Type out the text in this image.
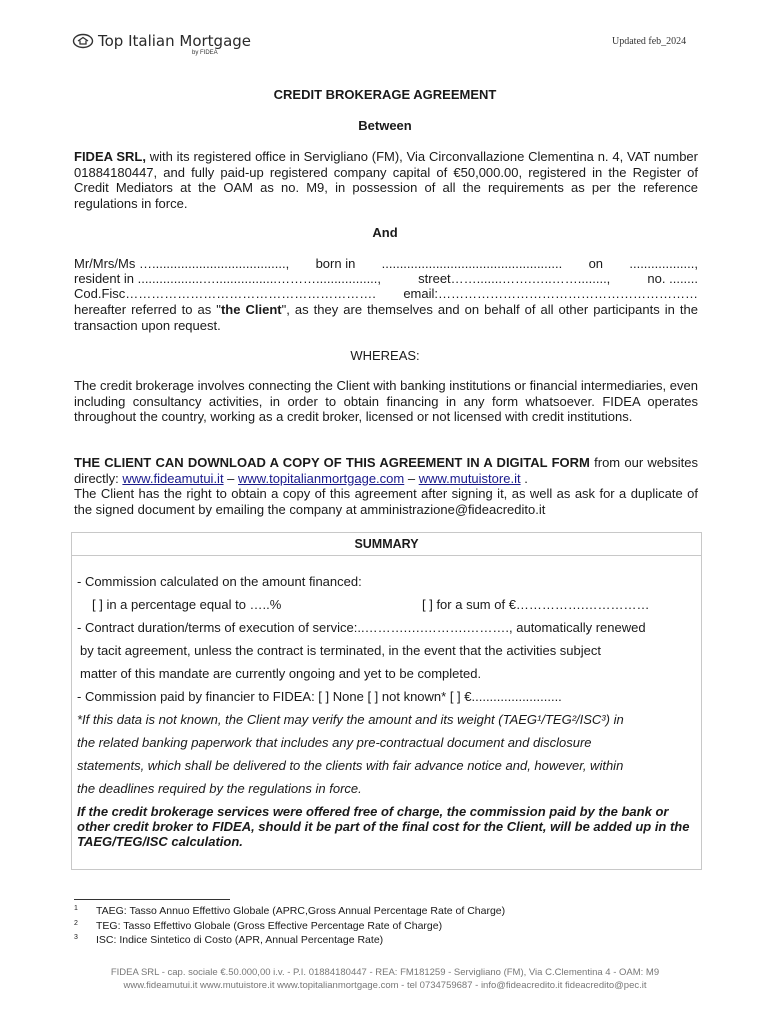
Top Italian Mortgage
by FIDEA
Updated feb_2024
CREDIT BROKERAGE AGREEMENT
Between

FIDEA SRL, with its registered office in Servigliano (FM), Via Circonvallazione Clementina n. 4, VAT number 01884180447, and fully paid-up registered company capital of €50,000.00, registered in the Register of Credit Mediators at the OAM as no. M9, in possession of all the requirements as per the reference regulations in force.

And
Mr/Mrs/Ms …....................................., born in .................................................. on ..................,
resident in ..................….................……….................,	street…….......…….…..……........,	no. ........
Cod.Fisc…………………………………………………. email:……………………………………………………

hereafter referred to as "the Client", as they are themselves and on behalf of all other participants in the transaction upon request.

WHEREAS:

The credit brokerage involves connecting the Client with banking institutions or financial intermediaries, even including consultancy activities, in order to obtain financing in any form whatsoever. FIDEA operates throughout the country, working as a credit broker, licensed or not licensed with credit institutions.

THE CLIENT CAN DOWNLOAD A COPY OF THIS AGREEMENT IN A DIGITAL FORM from our websites directly: www.fideamutui.it – www.topitalianmortgage.com – www.mutuistore.it .
The Client has the right to obtain a copy of this agreement after signing it, as well as ask for a duplicate of the signed document by emailing the company at amministrazione@fideacredito.it

SUMMARY
- Commission calculated on the amount financed:
[ ] in a percentage equal to …..%	[ ] for a sum of €…………….……………
- Contract duration/terms of execution of service:..……….….……….………., automatically renewed
by tacit agreement, unless the contract is terminated, in the event that the activities subject
matter of this mandate are currently ongoing and yet to be completed.
- Commission paid by financier to FIDEA: [ ] None [ ] not known* [ ] €.........................
*If this data is not known, the Client may verify the amount and its weight (TAEG¹/TEG²/ISC³) in
the related banking paperwork that includes any pre-contractual document and disclosure
statements, which shall be delivered to the clients with fair advance notice and, however, within
the deadlines required by the regulations in force.
If the credit brokerage services were offered free of charge, the commission paid by the bank or other credit broker to FIDEA, should it be part of the final cost for the Client, will be added up in the TAEG/TEG/ISC calculation.
1	TAEG: Tasso Annuo Effettivo Globale (APRC,Gross Annual Percentage Rate of Charge)
2	TEG: Tasso Effettivo Globale (Gross Effective Percentage Rate of Charge)
3	ISC: Indice Sintetico di Costo (APR, Annual Percentage Rate)
FIDEA SRL - cap. sociale €.50.000,00 i.v. - P.I. 01884180447 - REA: FM181259 - Servigliano (FM), Via C.Clementina 4 - OAM: M9
www.fideamutui.it www.mutuistore.it www.topitalianmortgage.com - tel 0734759687 - info@fideacredito.it fideacredito@pec.it
